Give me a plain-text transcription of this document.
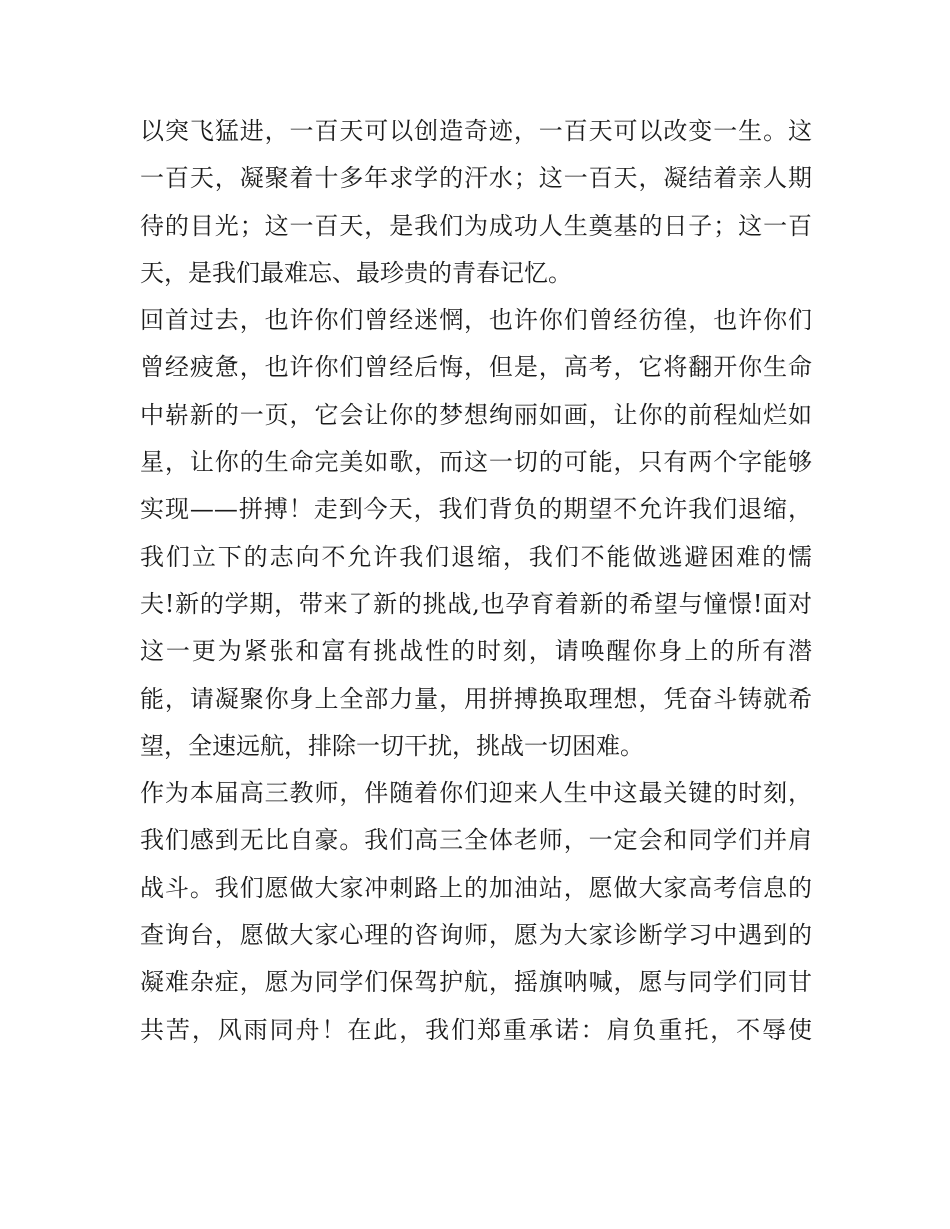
以突飞猛进，一百天可以创造奇迹，一百天可以改变一生。这
一百天，凝聚着十多年求学的汗水；这一百天，凝结着亲人期
待的目光；这一百天，是我们为成功人生奠基的日子；这一百
天，是我们最难忘、最珍贵的青春记忆。
回首过去，也许你们曾经迷惘，也许你们曾经彷徨，也许你们
曾经疲惫，也许你们曾经后悔，但是，高考，它将翻开你生命
中崭新的一页，它会让你的梦想绚丽如画，让你的前程灿烂如
星，让你的生命完美如歌，而这一切的可能，只有两个字能够
实现——拼搏！走到今天，我们背负的期望不允许我们退缩，
我们立下的志向不允许我们退缩，我们不能做逃避困难的懦
夫!新的学期，带来了新的挑战,也孕育着新的希望与憧憬!面对
这一更为紧张和富有挑战性的时刻，请唤醒你身上的所有潜
能，请凝聚你身上全部力量，用拼搏换取理想，凭奋斗铸就希
望，全速远航，排除一切干扰，挑战一切困难。
作为本届高三教师，伴随着你们迎来人生中这最关键的时刻，
我们感到无比自豪。我们高三全体老师，一定会和同学们并肩
战斗。我们愿做大家冲刺路上的加油站，愿做大家高考信息的
查询台，愿做大家心理的咨询师，愿为大家诊断学习中遇到的
凝难杂症，愿为同学们保驾护航，摇旗呐喊，愿与同学们同甘
共苦，风雨同舟！在此，我们郑重承诺：肩负重托，不辱使
